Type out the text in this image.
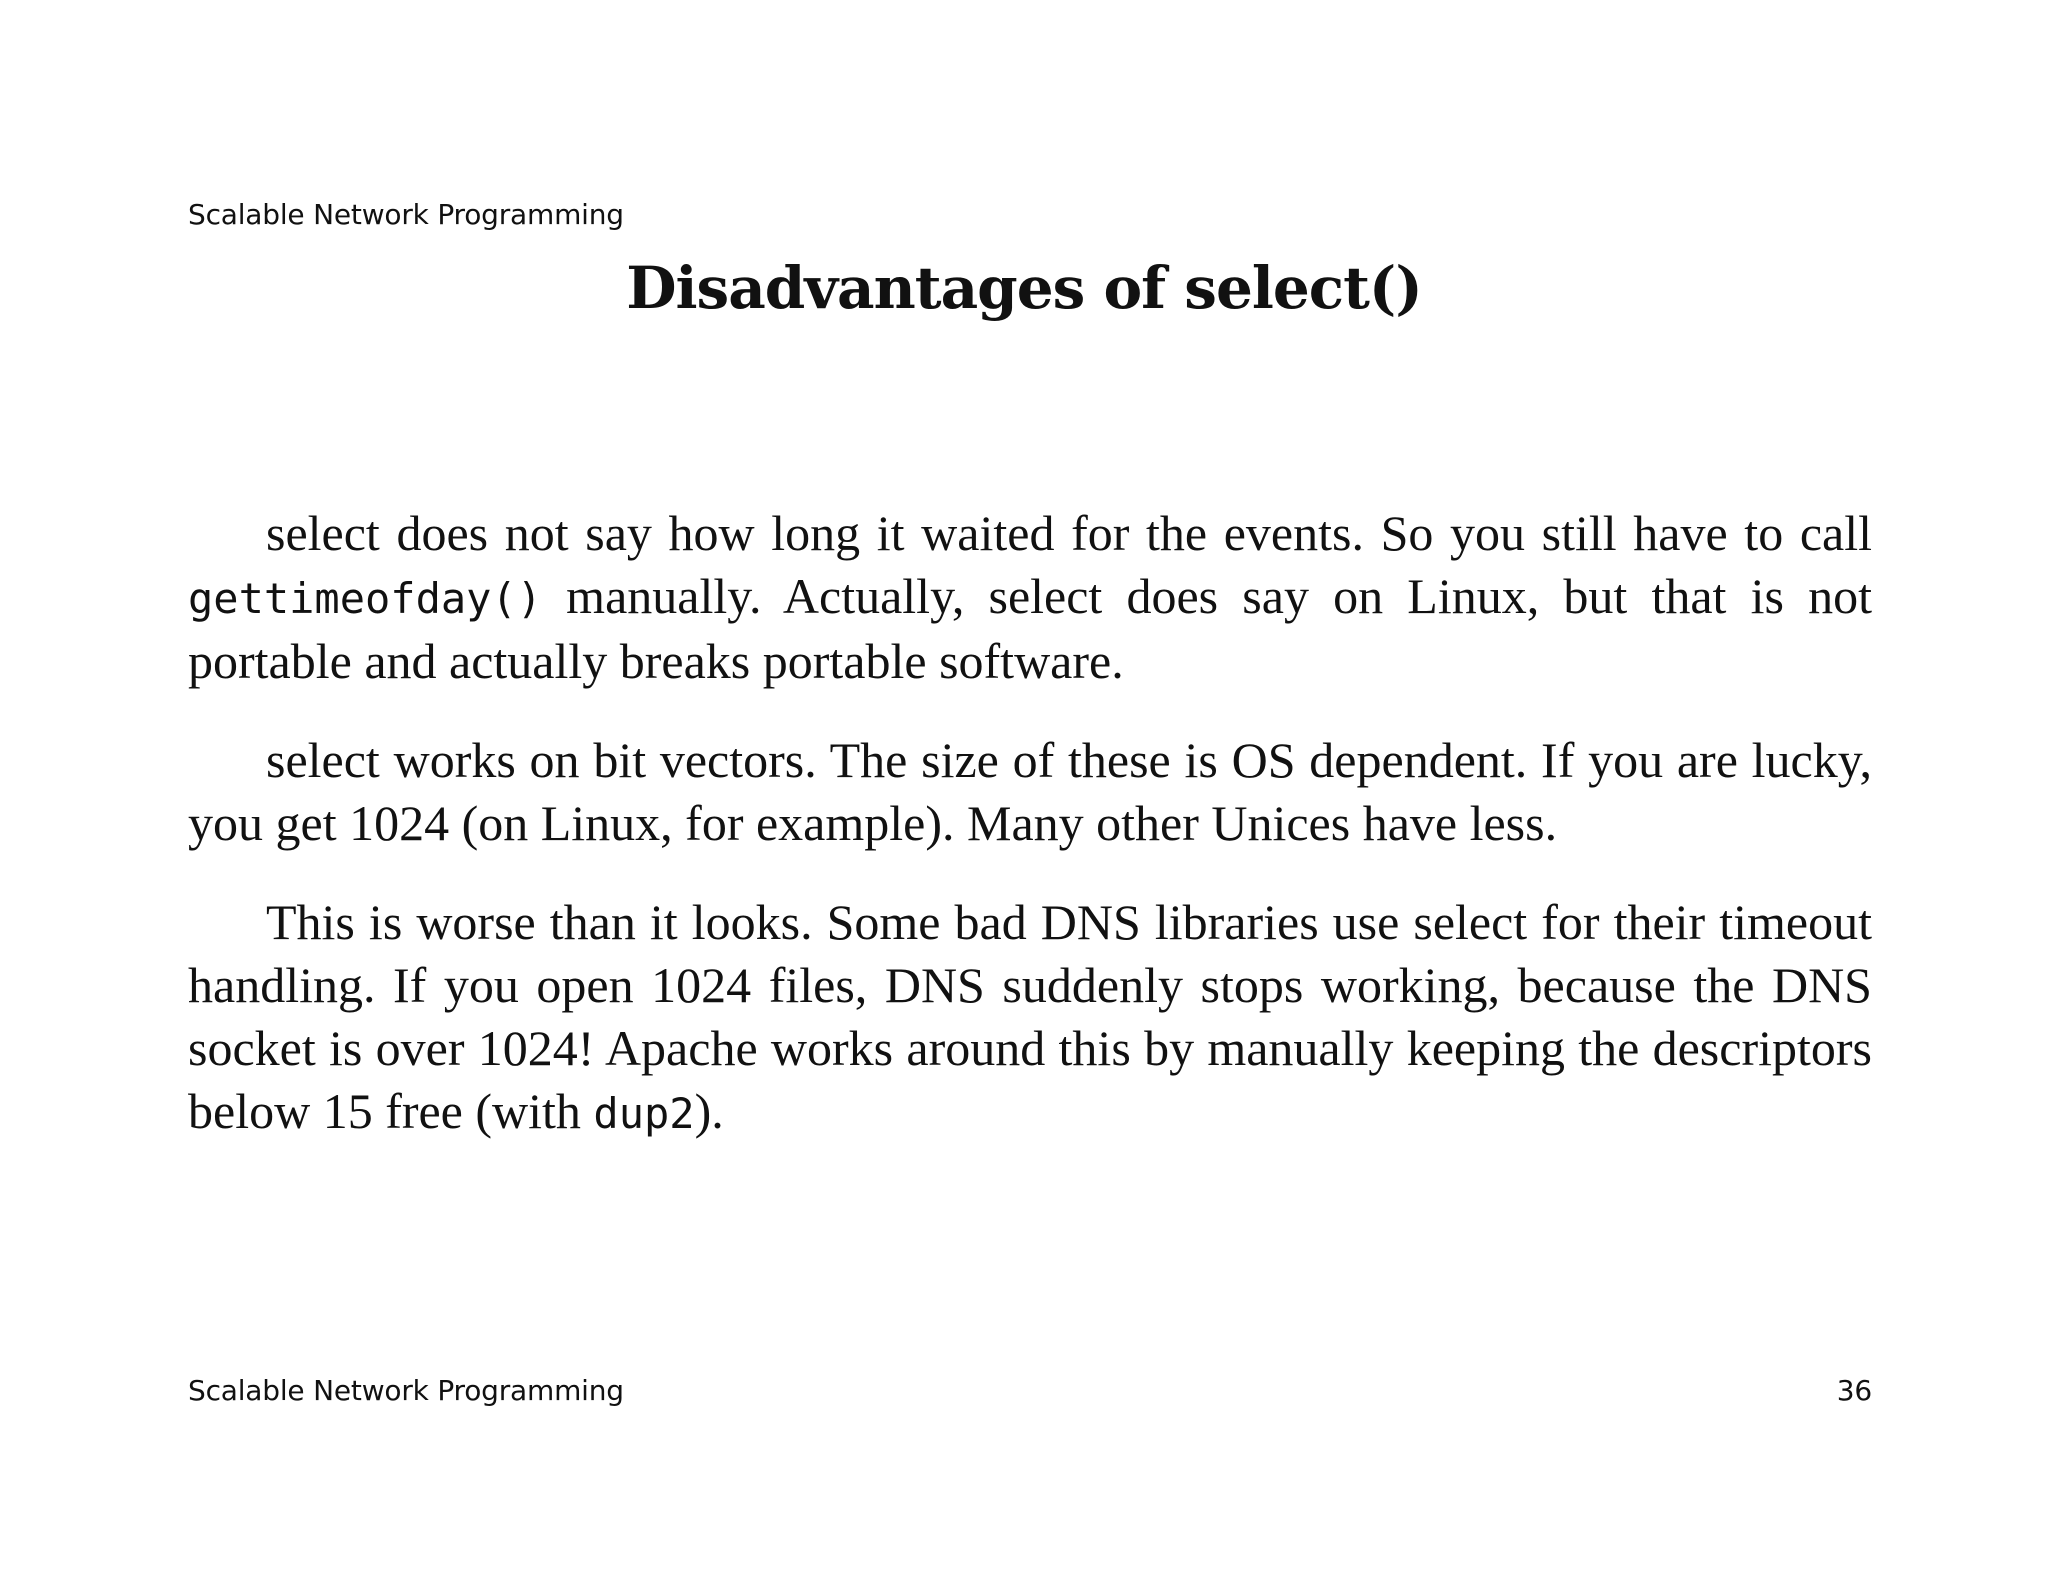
Scalable Network Programming
Disadvantages of select()

select does not say how long it waited for the events. So you still have to call gettimeofday() manually. Actually, select does say on Linux, but that is not portable and actually breaks portable software.

select works on bit vectors. The size of these is OS dependent. If you are lucky, you get 1024 (on Linux, for example). Many other Unices have less.

This is worse than it looks. Some bad DNS libraries use select for their timeout handling. If you open 1024 files, DNS suddenly stops working, because the DNS socket is over 1024! Apache works around this by manually keeping the descriptors below 15 free (with dup2).

Scalable Network Programming	36
